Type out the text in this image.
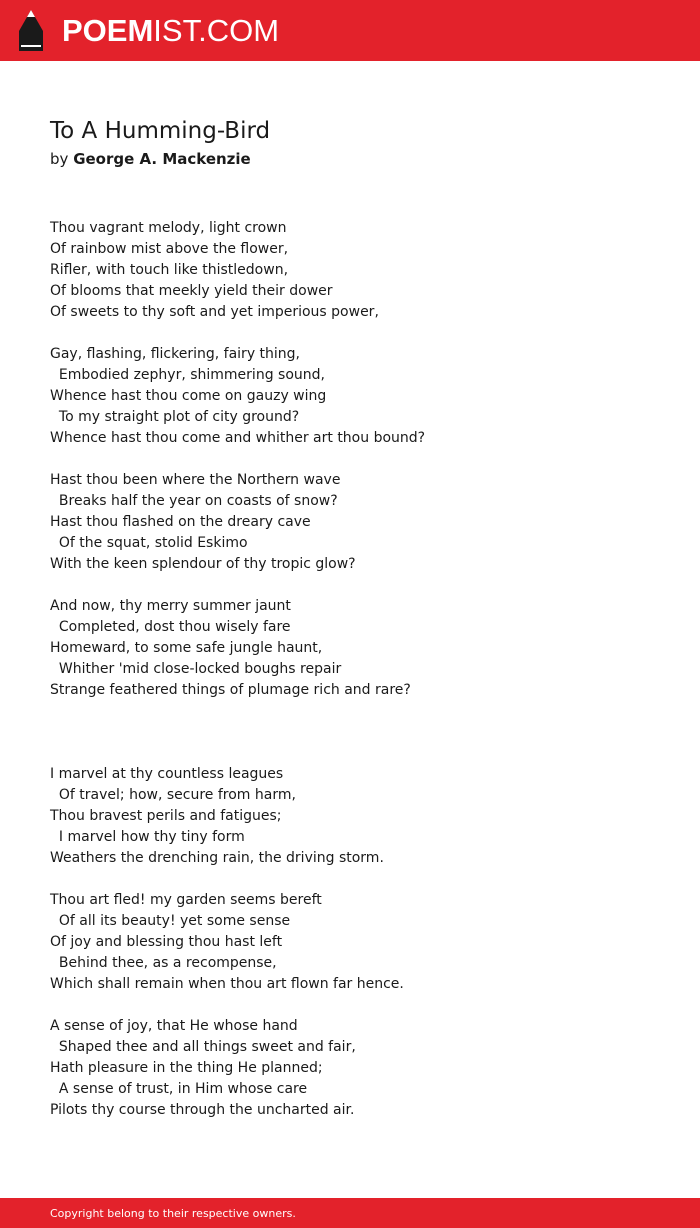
POEMIST.COM
To A Humming-Bird
by George A. Mackenzie
Thou vagrant melody, light crown
Of rainbow mist above the flower,
Rifler, with touch like thistledown,
Of blooms that meekly yield their dower
Of sweets to thy soft and yet imperious power,
Gay, flashing, flickering, fairy thing,
Embodied zephyr, shimmering sound,
Whence hast thou come on gauzy wing
To my straight plot of city ground?
Whence hast thou come and whither art thou bound?
Hast thou been where the Northern wave
Breaks half the year on coasts of snow?
Hast thou flashed on the dreary cave
Of the squat, stolid Eskimo
With the keen splendour of thy tropic glow?
And now, thy merry summer jaunt
Completed, dost thou wisely fare
Homeward, to some safe jungle haunt,
Whither 'mid close-locked boughs repair
Strange feathered things of plumage rich and rare?
I marvel at thy countless leagues
Of travel; how, secure from harm,
Thou bravest perils and fatigues;
I marvel how thy tiny form
Weathers the drenching rain, the driving storm.
Thou art fled! my garden seems bereft
Of all its beauty! yet some sense
Of joy and blessing thou hast left
Behind thee, as a recompense,
Which shall remain when thou art flown far hence.
A sense of joy, that He whose hand
Shaped thee and all things sweet and fair,
Hath pleasure in the thing He planned;
A sense of trust, in Him whose care
Pilots thy course through the uncharted air.
Copyright belong to their respective owners.
